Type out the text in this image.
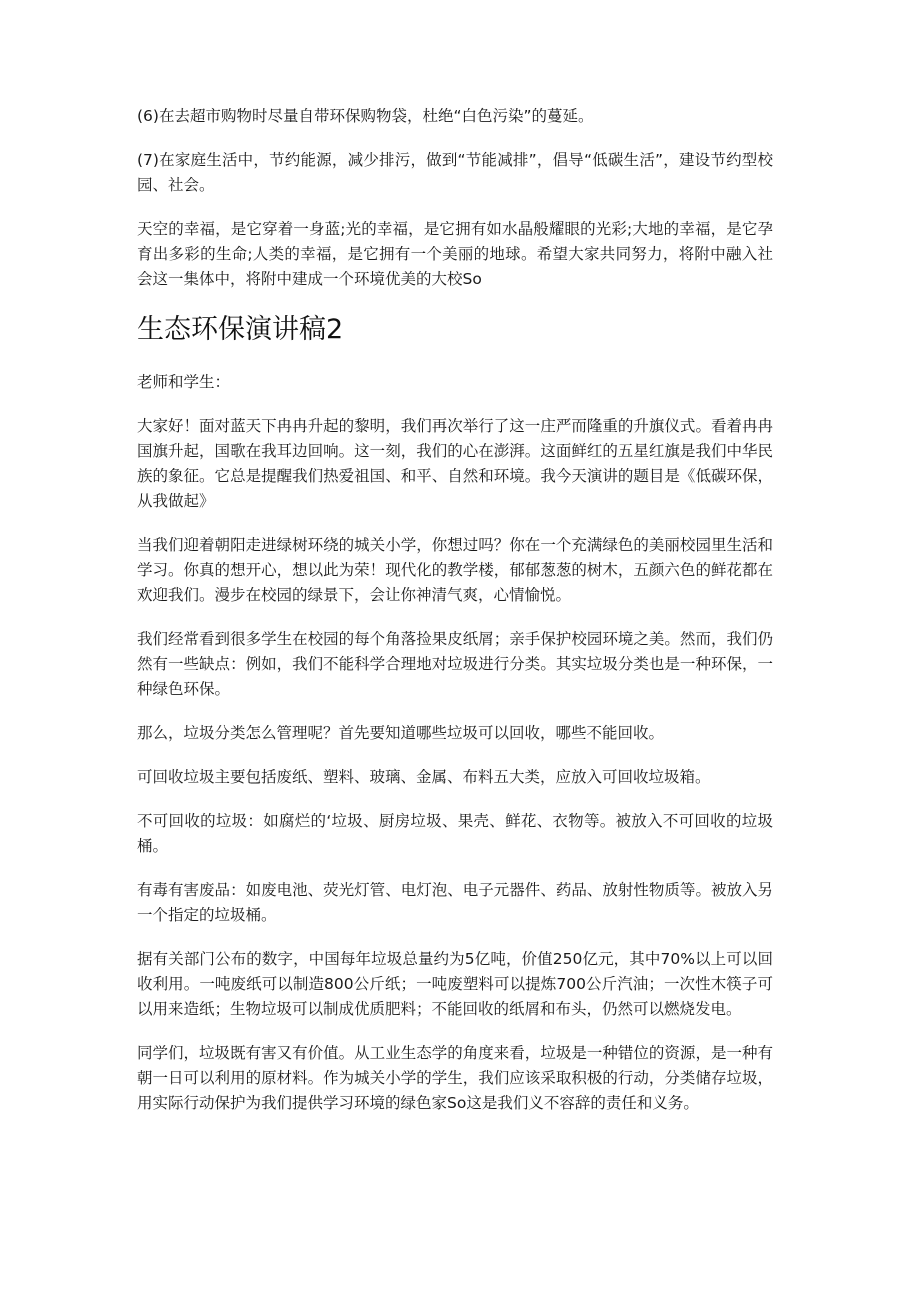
(6)在去超市购物时尽量自带环保购物袋，杜绝“白色污染”的蔓延。

(7)在家庭生活中，节约能源，减少排污，做到“节能减排”，倡导“低碳生活”，建设节约型校园、社会。

天空的幸福，是它穿着一身蓝;光的幸福，是它拥有如水晶般耀眼的光彩;大地的幸福，是它孕育出多彩的生命;人类的幸福，是它拥有一个美丽的地球。希望大家共同努力，将附中融入社会这一集体中，将附中建成一个环境优美的大校So

生态环保演讲稿2

老师和学生：

大家好！面对蓝天下冉冉升起的黎明，我们再次举行了这一庄严而隆重的升旗仪式。看着冉冉国旗升起，国歌在我耳边回响。这一刻，我们的心在澎湃。这面鲜红的五星红旗是我们中华民族的象征。它总是提醒我们热爱祖国、和平、自然和环境。我今天演讲的题目是《低碳环保，从我做起》

当我们迎着朝阳走进绿树环绕的城关小学，你想过吗？你在一个充满绿色的美丽校园里生活和学习。你真的想开心，想以此为荣！现代化的教学楼，郁郁葱葱的树木，五颜六色的鲜花都在欢迎我们。漫步在校园的绿景下，会让你神清气爽，心情愉悦。

我们经常看到很多学生在校园的每个角落捡果皮纸屑；亲手保护校园环境之美。然而，我们仍然有一些缺点：例如，我们不能科学合理地对垃圾进行分类。其实垃圾分类也是一种环保，一种绿色环保。

那么，垃圾分类怎么管理呢？首先要知道哪些垃圾可以回收，哪些不能回收。

可回收垃圾主要包括废纸、塑料、玻璃、金属、布料五大类，应放入可回收垃圾箱。

不可回收的垃圾：如腐烂的‘垃圾、厨房垃圾、果壳、鲜花、衣物等。被放入不可回收的垃圾桶。

有毒有害废品：如废电池、荧光灯管、电灯泡、电子元器件、药品、放射性物质等。被放入另一个指定的垃圾桶。

据有关部门公布的数字，中国每年垃圾总量约为5亿吨，价值250亿元，其中70%以上可以回收利用。一吨废纸可以制造800公斤纸；一吨废塑料可以提炼700公斤汽油；一次性木筷子可以用来造纸；生物垃圾可以制成优质肥料；不能回收的纸屑和布头，仍然可以燃烧发电。

同学们，垃圾既有害又有价值。从工业生态学的角度来看，垃圾是一种错位的资源，是一种有朝一日可以利用的原材料。作为城关小学的学生，我们应该采取积极的行动，分类储存垃圾，用实际行动保护为我们提供学习环境的绿色家So这是我们义不容辞的责任和义务。
